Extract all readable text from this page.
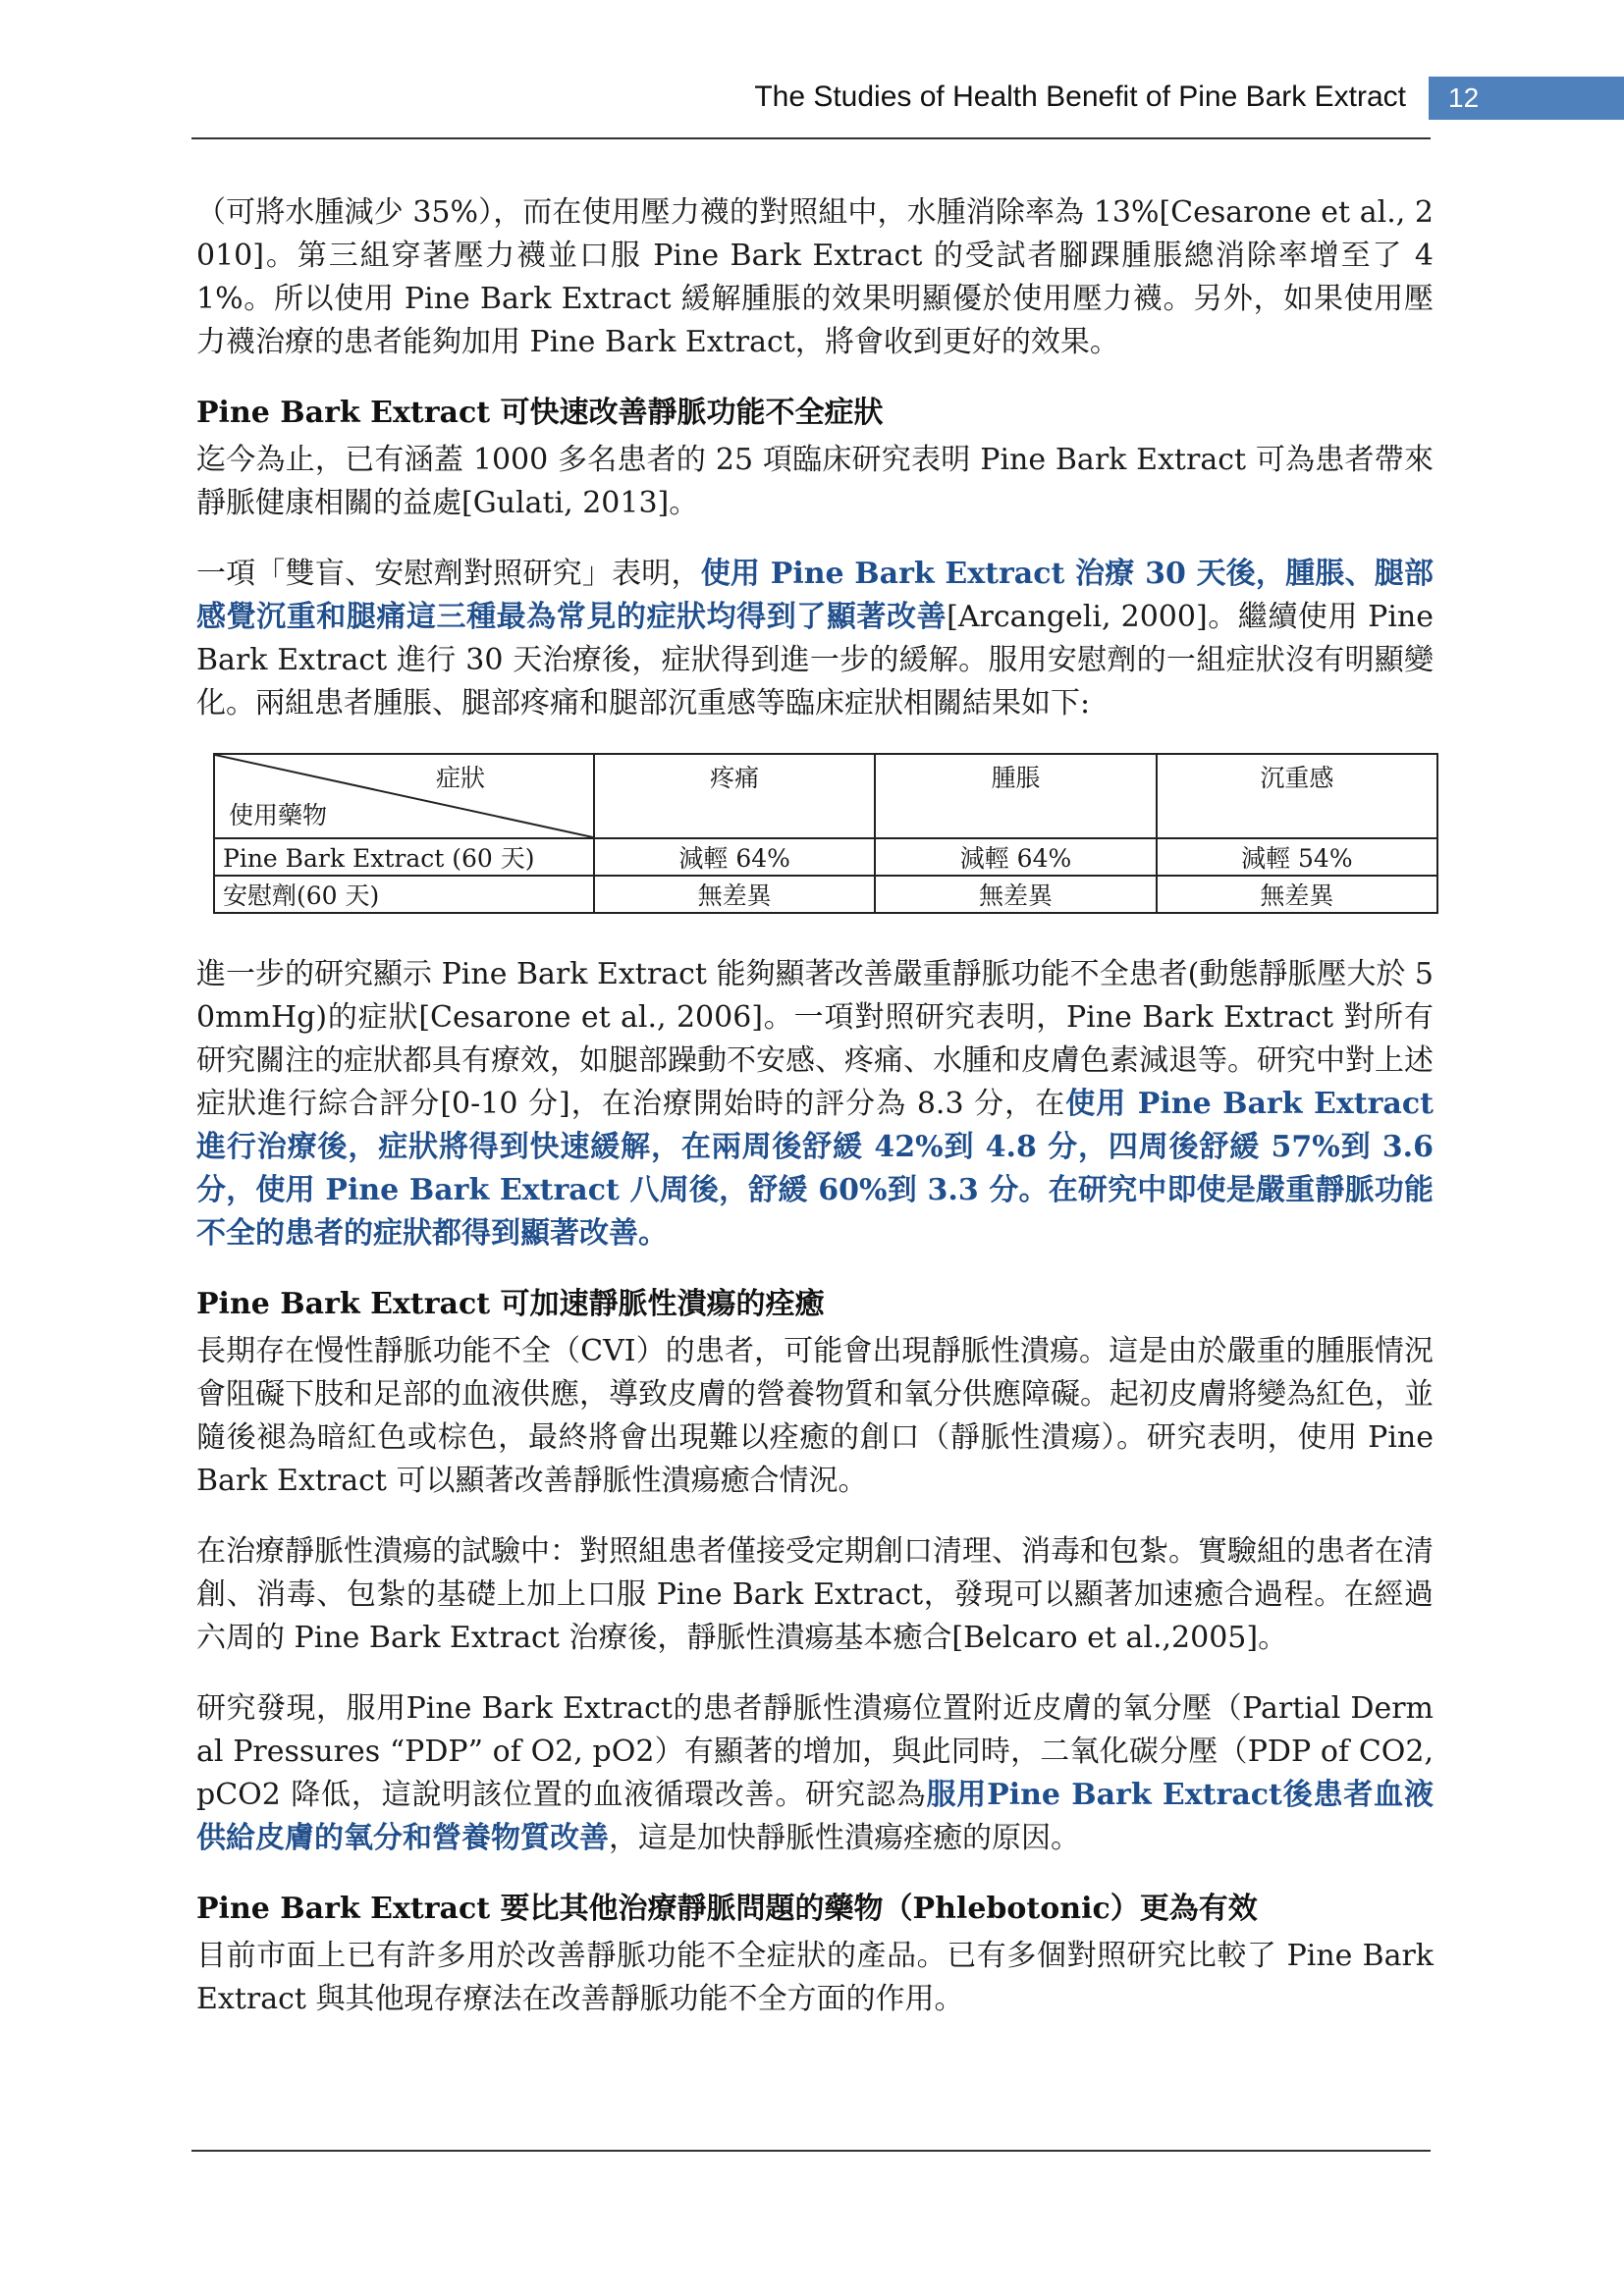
The Studies of Health Benefit of Pine Bark Extract 12

（可將水腫減少 35%），而在使用壓力襪的對照組中，水腫消除率為 13%[Cesarone et al., 2010]。第三組穿著壓力襪並口服 Pine Bark Extract 的受試者腳踝腫脹總消除率增至了 41%。所以使用 Pine Bark Extract 緩解腫脹的效果明顯優於使用壓力襪。另外，如果使用壓力襪治療的患者能夠加用 Pine Bark Extract，將會收到更好的效果。

Pine Bark Extract 可快速改善靜脈功能不全症狀

迄今為止，已有涵蓋 1000 多名患者的 25 項臨床研究表明 Pine Bark Extract 可為患者帶來靜脈健康相關的益處[Gulati, 2013]。

一項「雙盲、安慰劑對照研究」表明，使用 Pine Bark Extract 治療 30 天後，腫脹、腿部感覺沉重和腿痛這三種最為常見的症狀均得到了顯著改善[Arcangeli, 2000]。繼續使用 Pine Bark Extract 進行 30 天治療後，症狀得到進一步的緩解。服用安慰劑的一組症狀沒有明顯變化。兩組患者腫脹、腿部疼痛和腿部沉重感等臨床症狀相關結果如下:

症狀
使用藥物	疼痛	腫脹	沉重感
Pine Bark Extract (60 天)	減輕 64%	減輕 64%	減輕 54%
安慰劑(60 天)	無差異	無差異	無差異

進一步的研究顯示 Pine Bark Extract 能夠顯著改善嚴重靜脈功能不全患者(動態靜脈壓大於 50mmHg)的症狀[Cesarone et al., 2006]。一項對照研究表明，Pine Bark Extract 對所有研究關注的症狀都具有療效，如腿部躁動不安感、疼痛、水腫和皮膚色素減退等。研究中對上述症狀進行綜合評分[0-10 分]，在治療開始時的評分為 8.3 分，在使用 Pine Bark Extract 進行治療後，症狀將得到快速緩解，在兩周後舒緩 42%到 4.8 分，四周後舒緩 57%到 3.6 分，使用 Pine Bark Extract 八周後，舒緩 60%到 3.3 分。在研究中即使是嚴重靜脈功能不全的患者的症狀都得到顯著改善。

Pine Bark Extract 可加速靜脈性潰瘍的痊癒

長期存在慢性靜脈功能不全（CVI）的患者，可能會出現靜脈性潰瘍。這是由於嚴重的腫脹情況會阻礙下肢和足部的血液供應，導致皮膚的營養物質和氧分供應障礙。起初皮膚將變為紅色，並隨後褪為暗紅色或棕色，最終將會出現難以痊癒的創口（靜脈性潰瘍）。研究表明，使用 Pine Bark Extract 可以顯著改善靜脈性潰瘍癒合情況。

在治療靜脈性潰瘍的試驗中：對照組患者僅接受定期創口清理、消毒和包紮。實驗組的患者在清創、消毒、包紮的基礎上加上口服 Pine Bark Extract，發現可以顯著加速癒合過程。在經過六周的 Pine Bark Extract 治療後，靜脈性潰瘍基本癒合[Belcaro et al.,2005]。

研究發現，服用Pine Bark Extract的患者靜脈性潰瘍位置附近皮膚的氧分壓（Partial Dermal Pressures “PDP” of O2, pO2）有顯著的增加，與此同時，二氧化碳分壓（PDP of CO2, pCO2 降低，這說明該位置的血液循環改善。研究認為服用Pine Bark Extract後患者血液供給皮膚的氧分和營養物質改善，這是加快靜脈性潰瘍痊癒的原因。

Pine Bark Extract 要比其他治療靜脈問題的藥物（Phlebotonic）更為有效

目前市面上已有許多用於改善靜脈功能不全症狀的產品。已有多個對照研究比較了 Pine Bark Extract 與其他現存療法在改善靜脈功能不全方面的作用。
